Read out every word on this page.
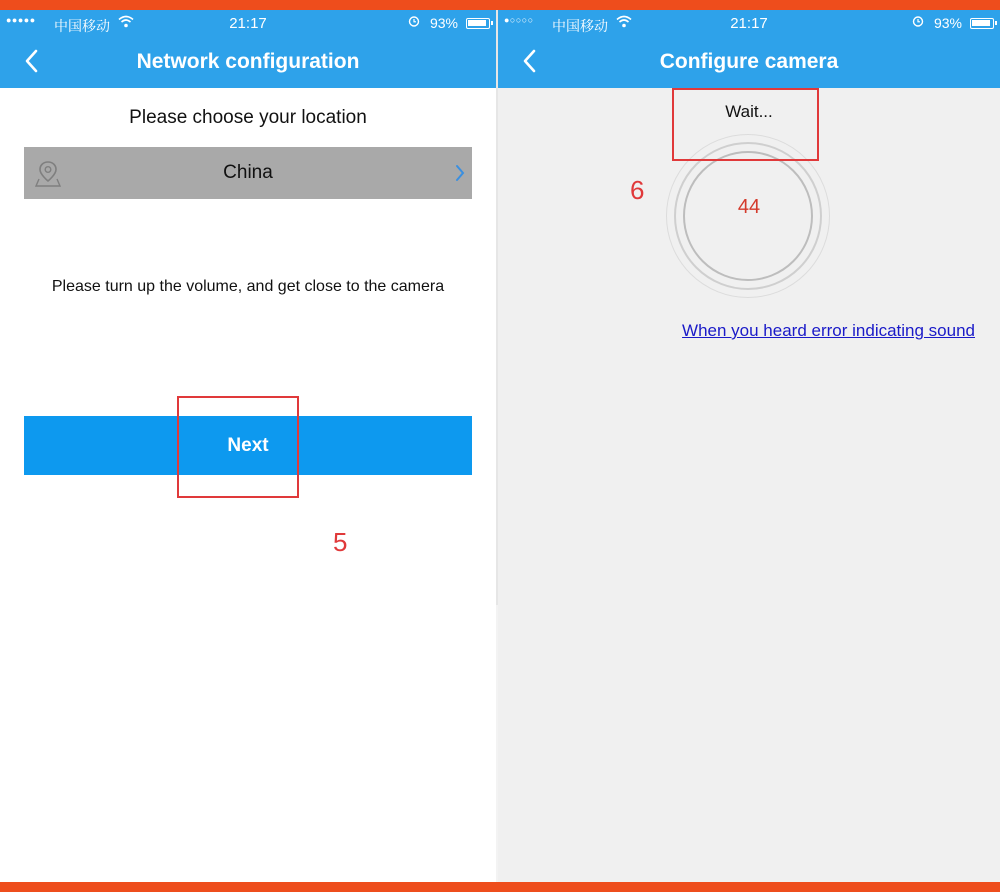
●●●●● 中国移动	21:17	93%
Network configuration
Please choose your location
China
Please turn up the volume, and get close to the camera
Next
5
●○○○○ 中国移动	21:17	93%
Configure camera
44
Wait...
6
When you heard error indicating sound
